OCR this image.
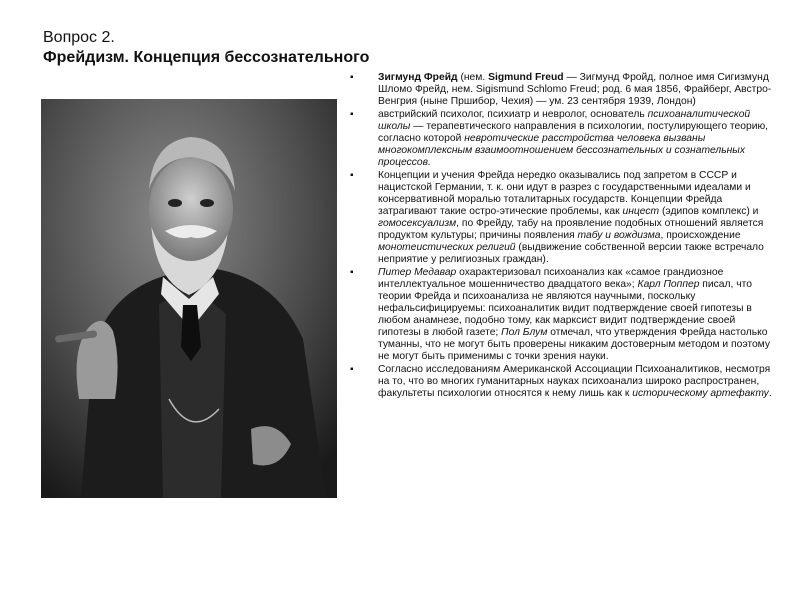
Вопрос 2.
Фрейдизм. Концепция бессознательного
▪	Зигмунд Фрейд (нем. Sigmund Freud — Зигмунд Фройд, полное имя Сигизмунд Шломо Фрейд, нем. Sigismund Schlomo Freud; род. 6 мая 1856, Фрайберг, Австро-Венгрия (ныне Пршибор, Чехия) — ум. 23 сентября 1939, Лондон)
▪	австрийский психолог, психиатр и невролог, основатель психоаналитической школы — терапевтического направления в психологии, постулирующего теорию, согласно которой невротические расстройства человека вызваны многокомплексным взаимоотношением бессознательных и сознательных процессов.
▪	Концепции и учения Фрейда нередко оказывались под запретом в СССР и нацистской Германии, т. к. они идут в разрез с государственными идеалами и консервативной моралью тоталитарных государств. Концепции Фрейда затрагивают такие остро-этические проблемы, как инцест (эдипов комплекс) и гомосексуализм, по Фрейду, табу на проявление подобных отношений является продуктом культуры; причины появления табу и вождизма, происхождение монотеистических религий (выдвижение собственной версии также встречало неприятие у религиозных граждан).
▪	Питер Медавар охарактеризовал психоанализ как «самое грандиозное интеллектуальное мошенничество двадцатого века»; Карл Поппер писал, что теории Фрейда и психоанализа не являются научными, поскольку нефальсифицируемы: психоаналитик видит подтверждение своей гипотезы в любом анамнезе, подобно тому, как марксист видит подтверждение своей гипотезы в любой газете; Пол Блум отмечал, что утверждения Фрейда настолько туманны, что не могут быть проверены никаким достоверным методом и поэтому не могут быть применимы с точки зрения науки.
▪	Согласно исследованиям Американской Ассоциации Психоаналитиков, несмотря на то, что во многих гуманитарных науках психоанализ широко распространен, факультеты психологии относятся к нему лишь как к историческому артефакту.
